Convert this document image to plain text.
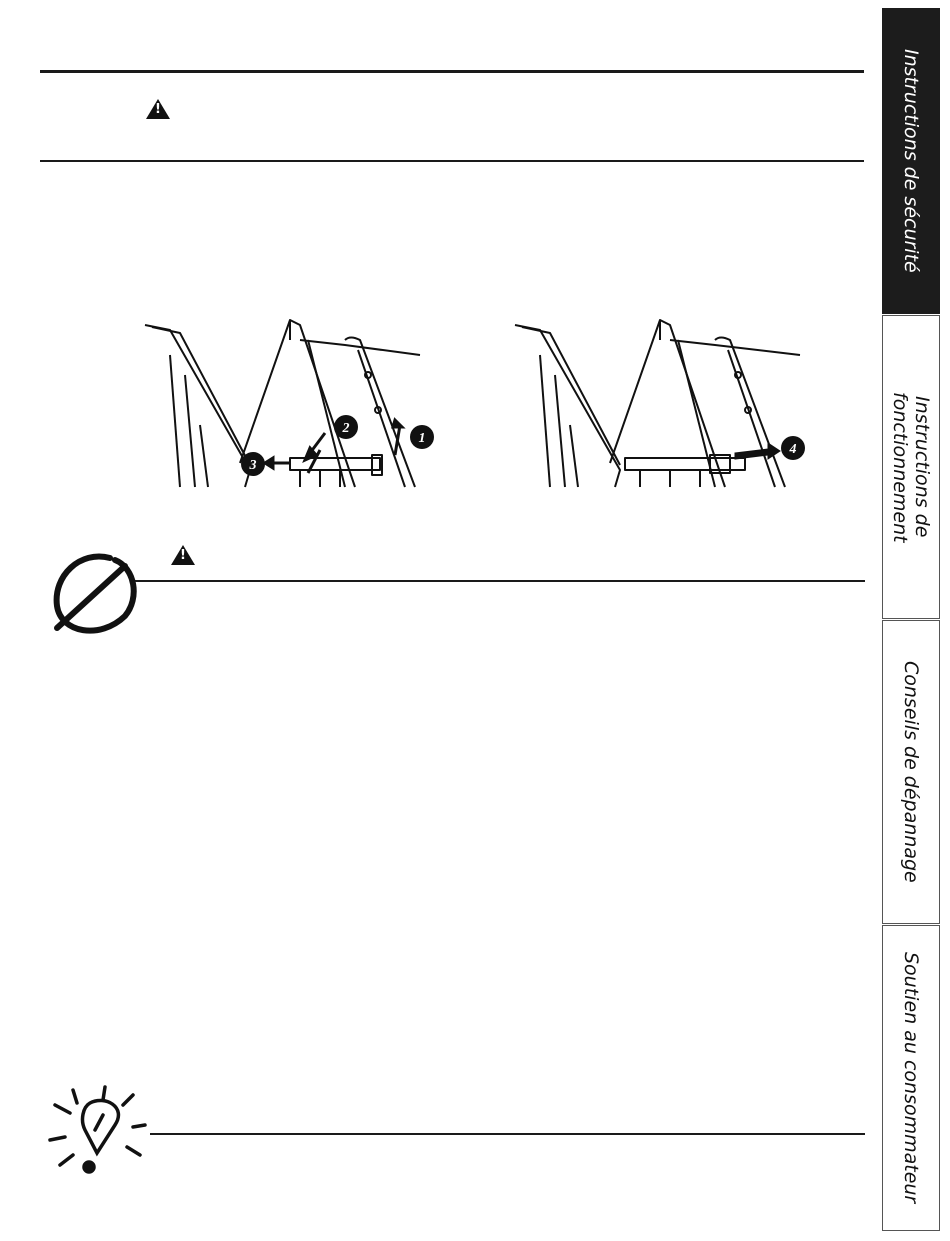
!
1
2
3
4
!
Instructions de sécurité
Instructions de
fonctionnement
Conseils de dépannage
Soutien au consommateur
